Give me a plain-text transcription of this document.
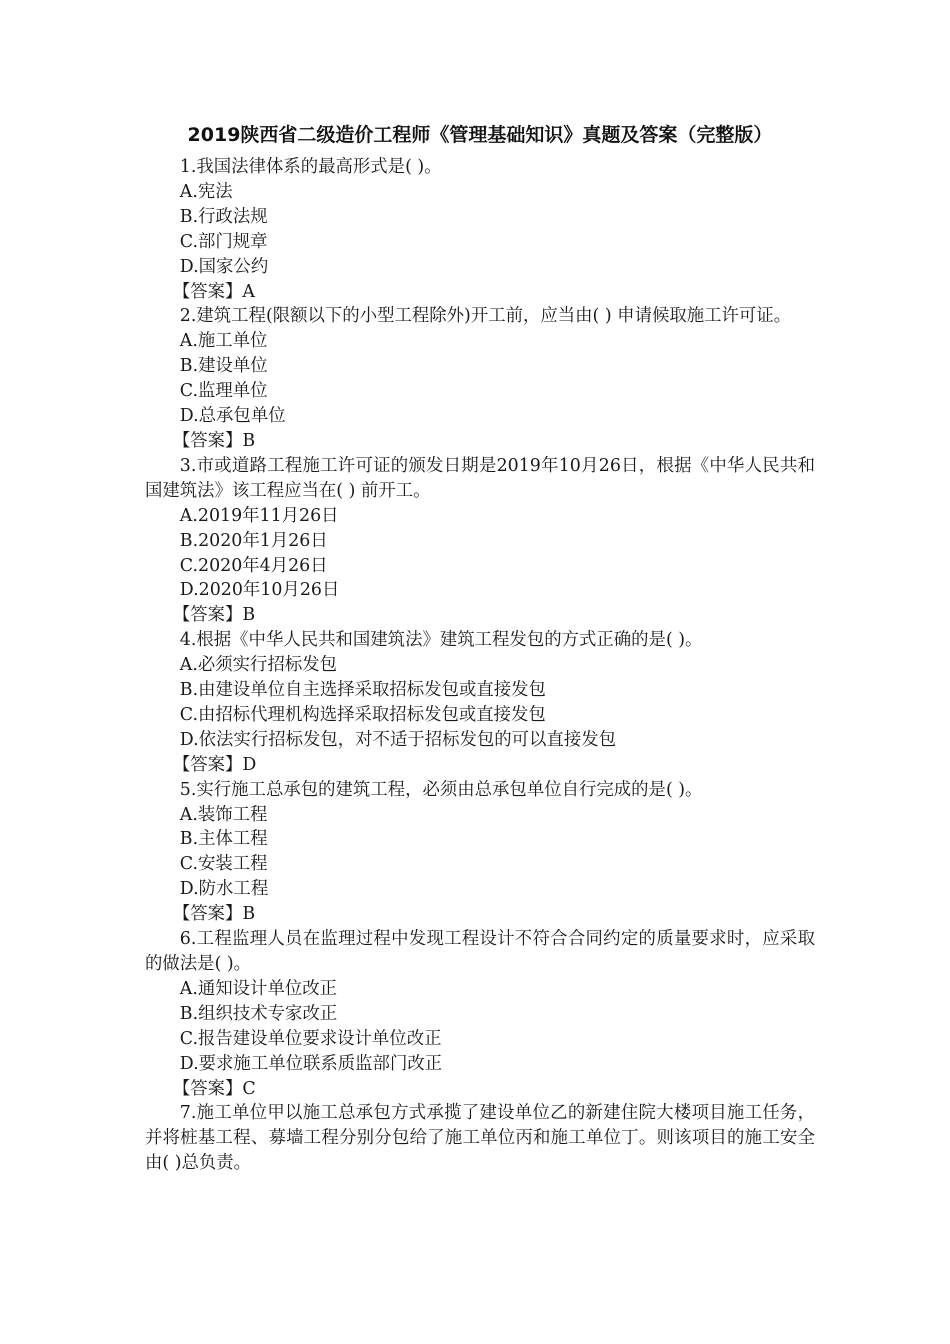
2019陕西省二级造价工程师《管理基础知识》真题及答案（完整版）

1.我国法律体系的最高形式是( )。

A.宪法

B.行政法规

C.部门规章

D.国家公约

【答案】A

2.建筑工程(限额以下的小型工程除外)开工前，应当由( ) 申请候取施工许可证。

A.施工单位

B.建设单位

C.监理单位

D.总承包单位

【答案】B

3.市或道路工程施工许可证的颁发日期是2019年10月26日，根据《中华人民共和国建筑法》该工程应当在( ) 前开工。

A.2019年11月26日

B.2020年1月26日

C.2020年4月26日

D.2020年10月26日

【答案】B

4.根据《中华人民共和国建筑法》建筑工程发包的方式正确的是( )。

A.必须实行招标发包

B.由建设单位自主选择采取招标发包或直接发包

C.由招标代理机构选择采取招标发包或直接发包

D.依法实行招标发包，对不适于招标发包的可以直接发包

【答案】D

5.实行施工总承包的建筑工程，必须由总承包单位自行完成的是( )。

A.装饰工程

B.主体工程

C.安装工程

D.防水工程

【答案】B

6.工程监理人员在监理过程中发现工程设计不符合合同约定的质量要求时，应采取的做法是( )。

A.通知设计单位改正

B.组织技术专家改正

C.报告建设单位要求设计单位改正

D.要求施工单位联系质监部门改正

【答案】C

7.施工单位甲以施工总承包方式承揽了建设单位乙的新建住院大楼项目施工任务，并将桩基工程、募墙工程分别分包给了施工单位丙和施工单位丁。则该项目的施工安全由( )总负责。
